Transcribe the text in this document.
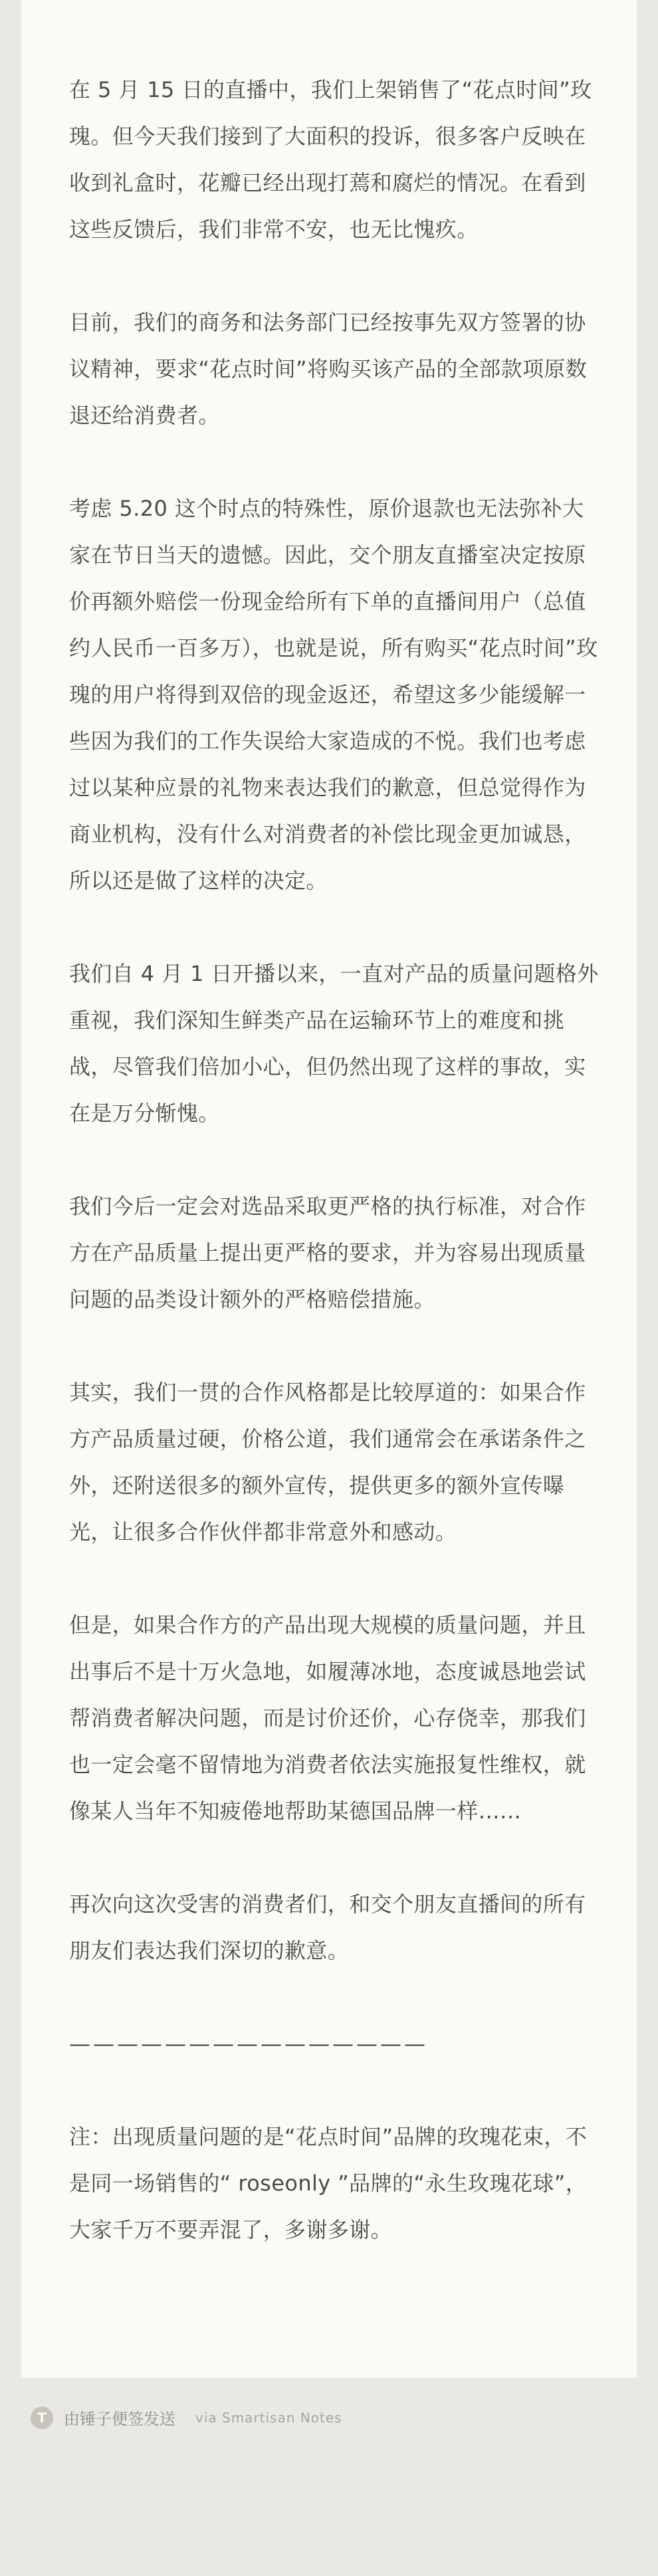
在 5 月 15 日的直播中，我们上架销售了“花点时间”玫瑰。但今天我们接到了大面积的投诉，很多客户反映在收到礼盒时，花瓣已经出现打蔫和腐烂的情况。在看到这些反馈后，我们非常不安，也无比愧疚。

目前，我们的商务和法务部门已经按事先双方签署的协议精神，要求“花点时间”将购买该产品的全部款项原数退还给消费者。

考虑 5.20 这个时点的特殊性，原价退款也无法弥补大家在节日当天的遗憾。因此，交个朋友直播室决定按原价再额外赔偿一份现金给所有下单的直播间用户（总值约人民币一百多万），也就是说，所有购买“花点时间”玫瑰的用户将得到双倍的现金返还，希望这多少能缓解一些因为我们的工作失误给大家造成的不悦。我们也考虑过以某种应景的礼物来表达我们的歉意，但总觉得作为商业机构，没有什么对消费者的补偿比现金更加诚恳，所以还是做了这样的决定。

我们自 4 月 1 日开播以来，一直对产品的质量问题格外重视，我们深知生鲜类产品在运输环节上的难度和挑战，尽管我们倍加小心，但仍然出现了这样的事故，实在是万分惭愧。

我们今后一定会对选品采取更严格的执行标准，对合作方在产品质量上提出更严格的要求，并为容易出现质量问题的品类设计额外的严格赔偿措施。

其实，我们一贯的合作风格都是比较厚道的：如果合作方产品质量过硬，价格公道，我们通常会在承诺条件之外，还附送很多的额外宣传，提供更多的额外宣传曝光，让很多合作伙伴都非常意外和感动。

但是，如果合作方的产品出现大规模的质量问题，并且出事后不是十万火急地，如履薄冰地，态度诚恳地尝试帮消费者解决问题，而是讨价还价，心存侥幸，那我们也一定会毫不留情地为消费者依法实施报复性维权，就像某人当年不知疲倦地帮助某德国品牌一样……

再次向这次受害的消费者们，和交个朋友直播间的所有朋友们表达我们深切的歉意。

———————————————

注：出现质量问题的是“花点时间”品牌的玫瑰花束，不是同一场销售的“ roseonly ”品牌的“永生玫瑰花球”，大家千万不要弄混了，多谢多谢。

T	由锤子便签发送 via Smartisan Notes
